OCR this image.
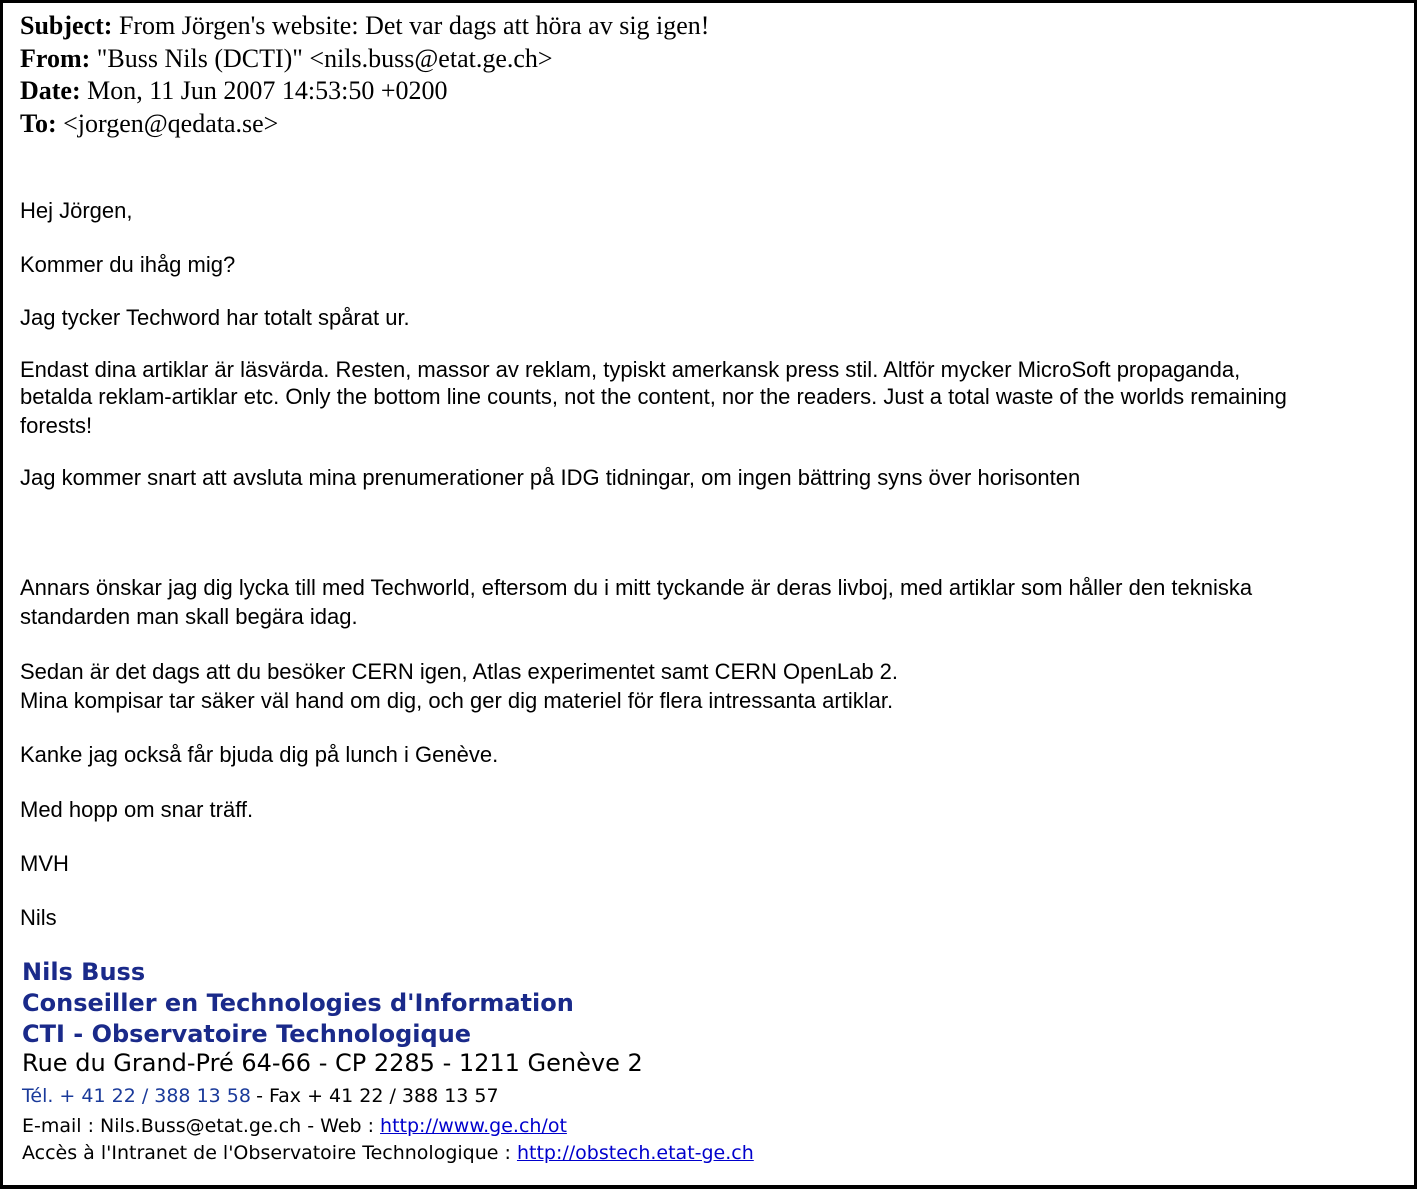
Subject: From Jörgen's website: Det var dags att höra av sig igen!
From: "Buss Nils (DCTI)" <nils.buss@etat.ge.ch>
Date: Mon, 11 Jun 2007 14:53:50 +0200
To: <jorgen@qedata.se>
Hej Jörgen,
Kommer du ihåg mig?
Jag tycker Techword har totalt spårat ur.
Endast dina artiklar är läsvärda. Resten, massor av reklam, typiskt amerkansk press stil. Altför mycker MicroSoft propaganda,
betalda reklam-artiklar etc. Only the bottom line counts, not the content, nor the readers. Just a total waste of the worlds remaining
forests!
Jag kommer snart att avsluta mina prenumerationer på IDG tidningar, om ingen bättring syns över horisonten
Annars önskar jag dig lycka till med Techworld, eftersom du i mitt tyckande är deras livboj, med artiklar som håller den tekniska
standarden man skall begära idag.
Sedan är det dags att du besöker CERN igen, Atlas experimentet samt CERN OpenLab 2.
Mina kompisar tar säker väl hand om dig, och ger dig materiel för flera intressanta artiklar.
Kanke jag också får bjuda dig på lunch i Genève.
Med hopp om snar träff.
MVH
Nils
Nils Buss
Conseiller en Technologies d'Information
CTI - Observatoire Technologique
Rue du Grand-Pré 64-66 - CP 2285 - 1211 Genève 2
Tél. + 41 22 / 388 13 58 - Fax + 41 22 / 388 13 57
E-mail : Nils.Buss@etat.ge.ch - Web : http://www.ge.ch/ot
Accès à l'Intranet de l'Observatoire Technologique : http://obstech.etat-ge.ch
